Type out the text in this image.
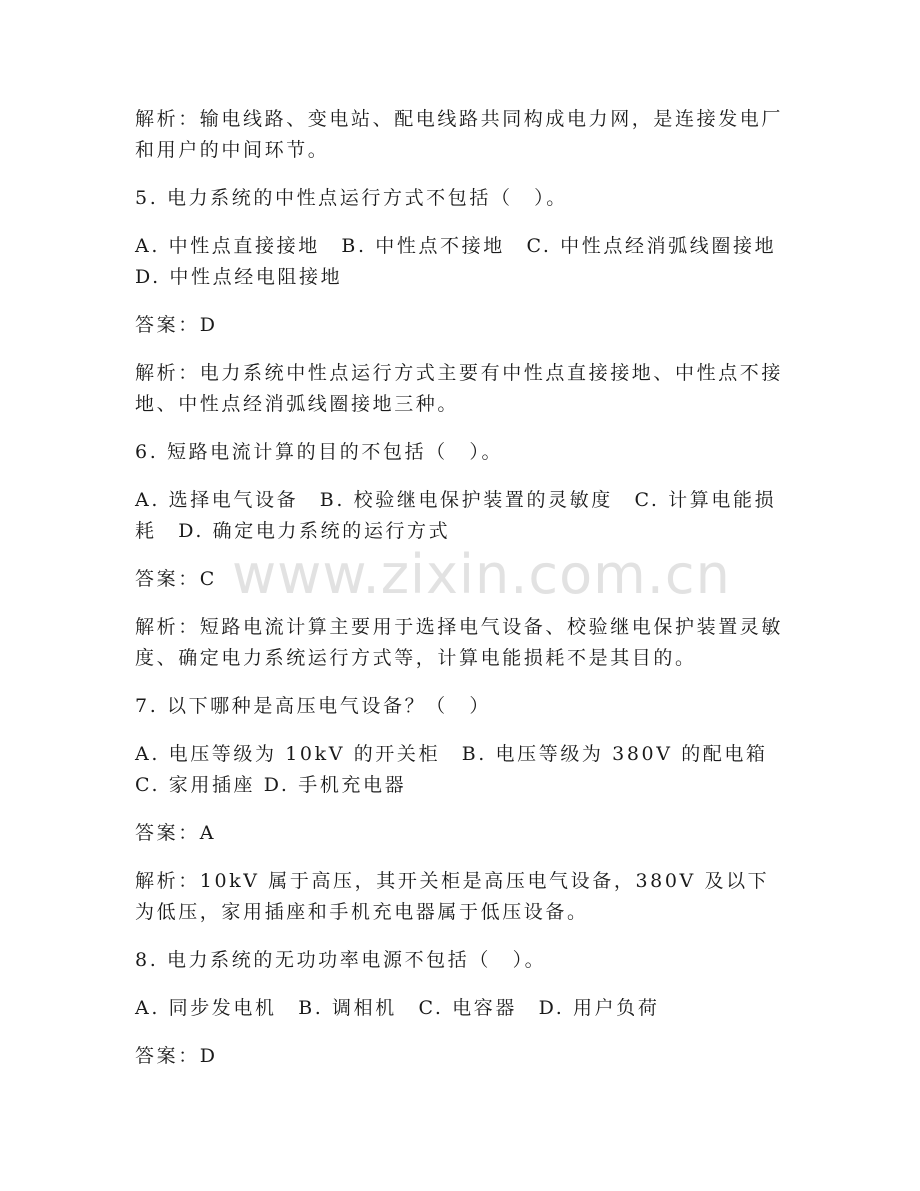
解析：输电线路、变电站、配电线路共同构成电力网，是连接发电厂和用户的中间环节。

5. 电力系统的中性点运行方式不包括（　）。

A. 中性点直接接地　B. 中性点不接地　C. 中性点经消弧线圈接地　D. 中性点经电阻接地

答案：D

解析：电力系统中性点运行方式主要有中性点直接接地、中性点不接地、中性点经消弧线圈接地三种。

6. 短路电流计算的目的不包括（　）。

A. 选择电气设备　B. 校验继电保护装置的灵敏度　C. 计算电能损耗　D. 确定电力系统的运行方式

答案：C

解析：短路电流计算主要用于选择电气设备、校验继电保护装置灵敏度、确定电力系统运行方式等，计算电能损耗不是其目的。

7. 以下哪种是高压电气设备？（　）

A. 电压等级为 10kV 的开关柜　B. 电压等级为 380V 的配电箱　C. 家用插座 D. 手机充电器

答案：A

解析：10kV 属于高压，其开关柜是高压电气设备，380V 及以下为低压，家用插座和手机充电器属于低压设备。

8. 电力系统的无功功率电源不包括（　）。

A. 同步发电机　B. 调相机　C. 电容器　D. 用户负荷

答案：D

www.zixin.com.cn
